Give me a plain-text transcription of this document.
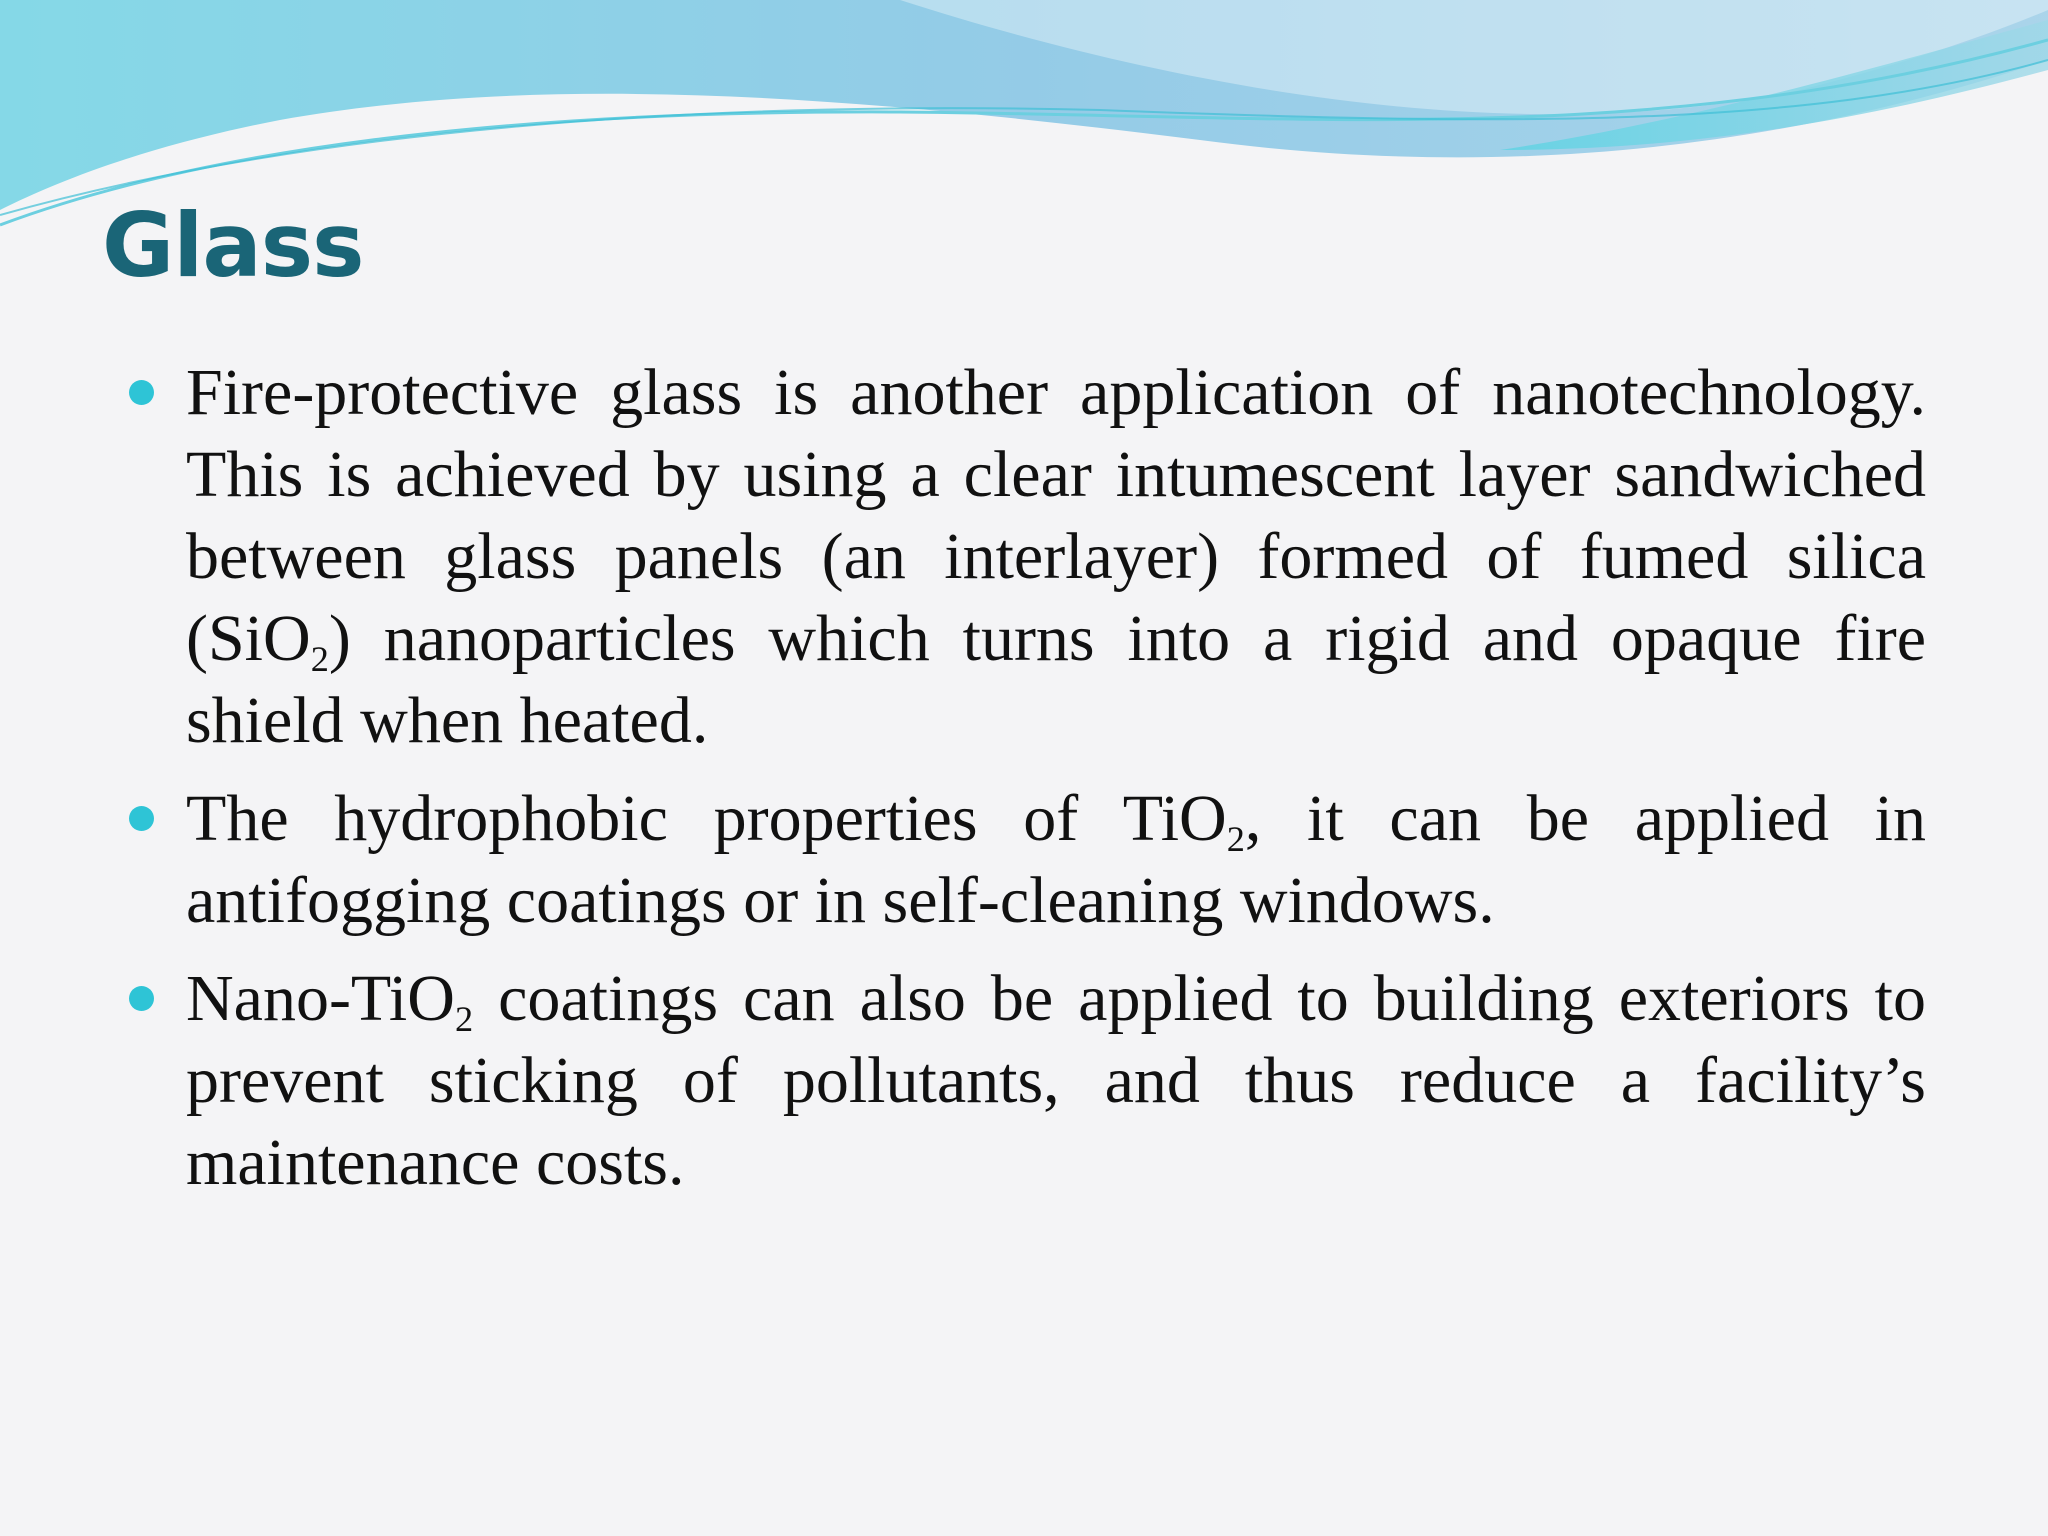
Glass
Fire-protective glass is another application of nanotechnology. This is achieved by using a clear intumescent layer sandwiched between glass panels (an interlayer) formed of fumed silica (SiO$_2$) nanoparticles which turns into a rigid and opaque fire shield when heated.
The hydrophobic properties of TiO$_2$, it can be applied in antifogging coatings or in self-cleaning windows.
Nano-TiO$_2$ coatings can also be applied to building exteriors to prevent sticking of pollutants, and thus reduce a facility’s maintenance costs.
